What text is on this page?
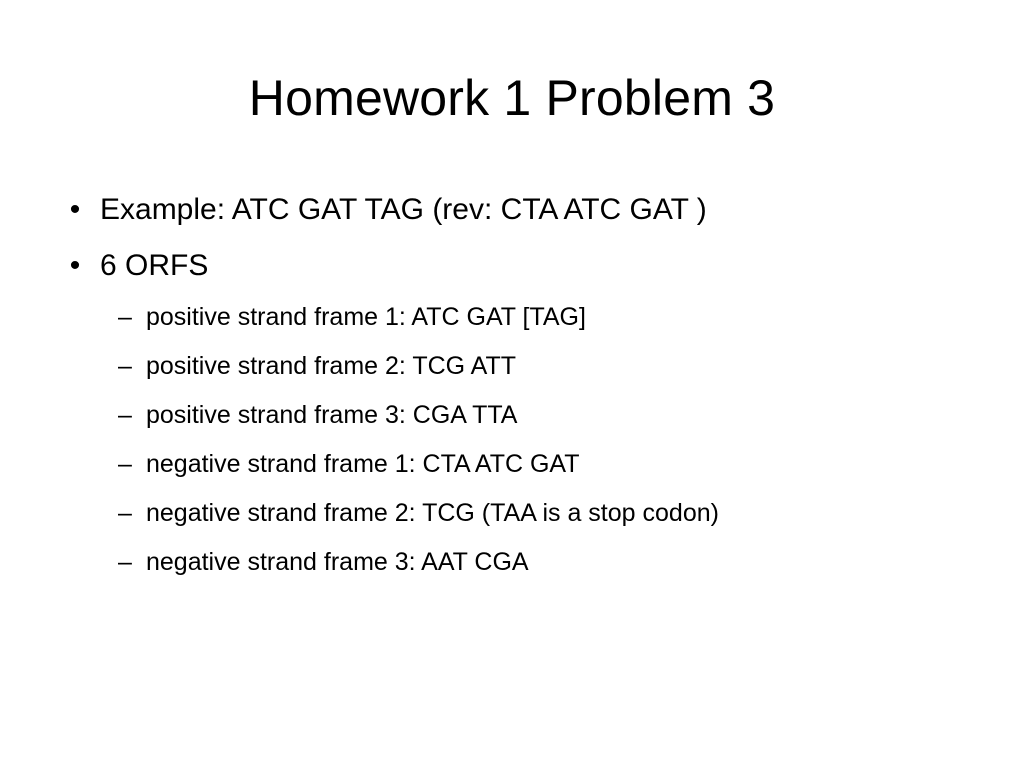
Homework 1 Problem 3
• Example: ATC GAT TAG (rev: CTA ATC GAT )
• 6 ORFS
– positive strand frame 1: ATC GAT [TAG]
– positive strand frame 2: TCG ATT
– positive strand frame 3: CGA TTA
– negative strand frame 1: CTA ATC GAT
– negative strand frame 2: TCG (TAA is a stop codon)
– negative strand frame 3: AAT CGA
